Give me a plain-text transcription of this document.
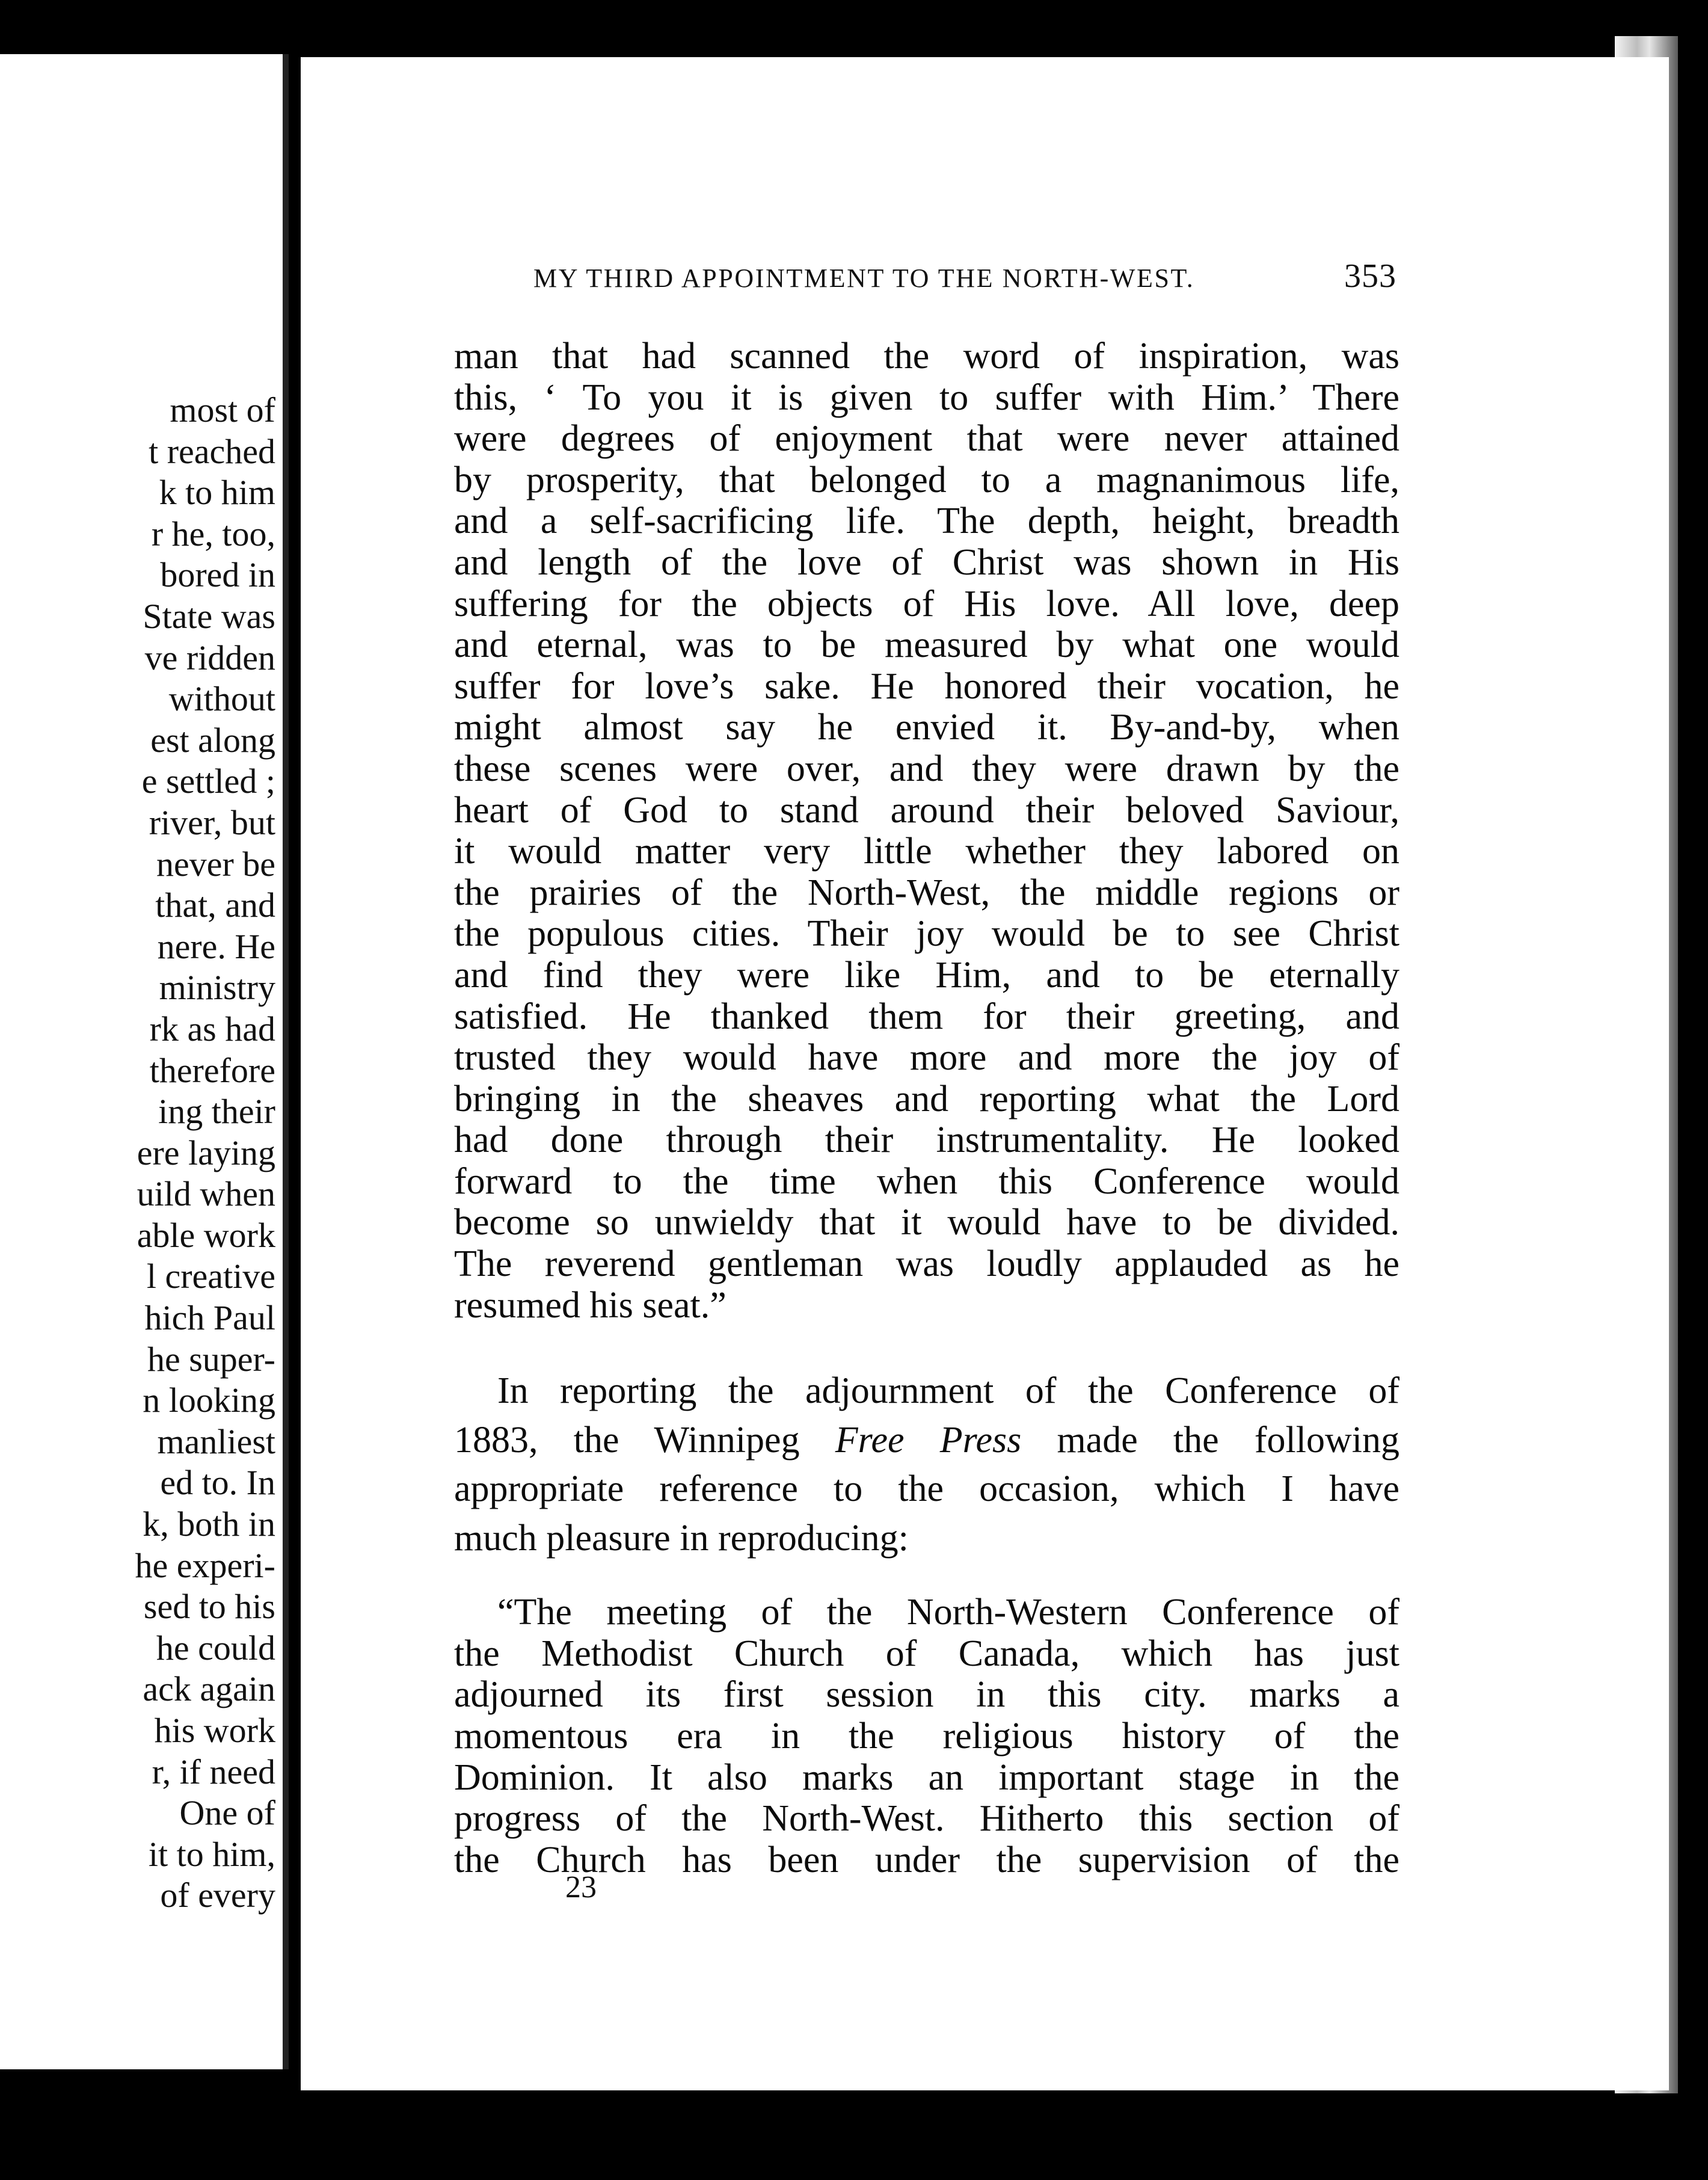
most of
t reached
k to him
r he, too,
bored in
State was
ve ridden
without
est along
e settled ;
river, but
never be
that, and
nere. He
ministry
rk as had
therefore
ing their
ere laying
uild when
able work
l creative
hich Paul
he super-
n looking
manliest
ed to. In
k, both in
he experi-
sed to his
he could
ack again
his work
r, if need
One of
it to him,
of every
MY THIRD APPOINTMENT TO THE NORTH-WEST.	353
man that had scanned the word of inspiration, was
this, ‘ To you it is given to suffer with Him.’ There
were degrees of enjoyment that were never attained
by prosperity, that belonged to a magnanimous life,
and a self-sacrificing life. The depth, height, breadth
and length of the love of Christ was shown in His
suffering for the objects of His love. All love, deep
and eternal, was to be measured by what one would
suffer for love’s sake. He honored their vocation, he
might almost say he envied it. By-and-by, when
these scenes were over, and they were drawn by the
heart of God to stand around their beloved Saviour,
it would matter very little whether they labored on
the prairies of the North-West, the middle regions or
the populous cities. Their joy would be to see Christ
and find they were like Him, and to be eternally
satisfied. He thanked them for their greeting, and
trusted they would have more and more the joy of
bringing in the sheaves and reporting what the Lord
had done through their instrumentality. He looked
forward to the time when this Conference would
become so unwieldy that it would have to be divided.
The reverend gentleman was loudly applauded as he
resumed his seat.”
In reporting the adjournment of the Conference of
1883, the Winnipeg Free Press made the following
appropriate reference to the occasion, which I have
much pleasure in reproducing:
“The meeting of the North-Western Conference of
the Methodist Church of Canada, which has just
adjourned its first session in this city. marks a
momentous era in the religious history of the
Dominion. It also marks an important stage in the
progress of the North-West. Hitherto this section of
the Church has been under the supervision of the
23
